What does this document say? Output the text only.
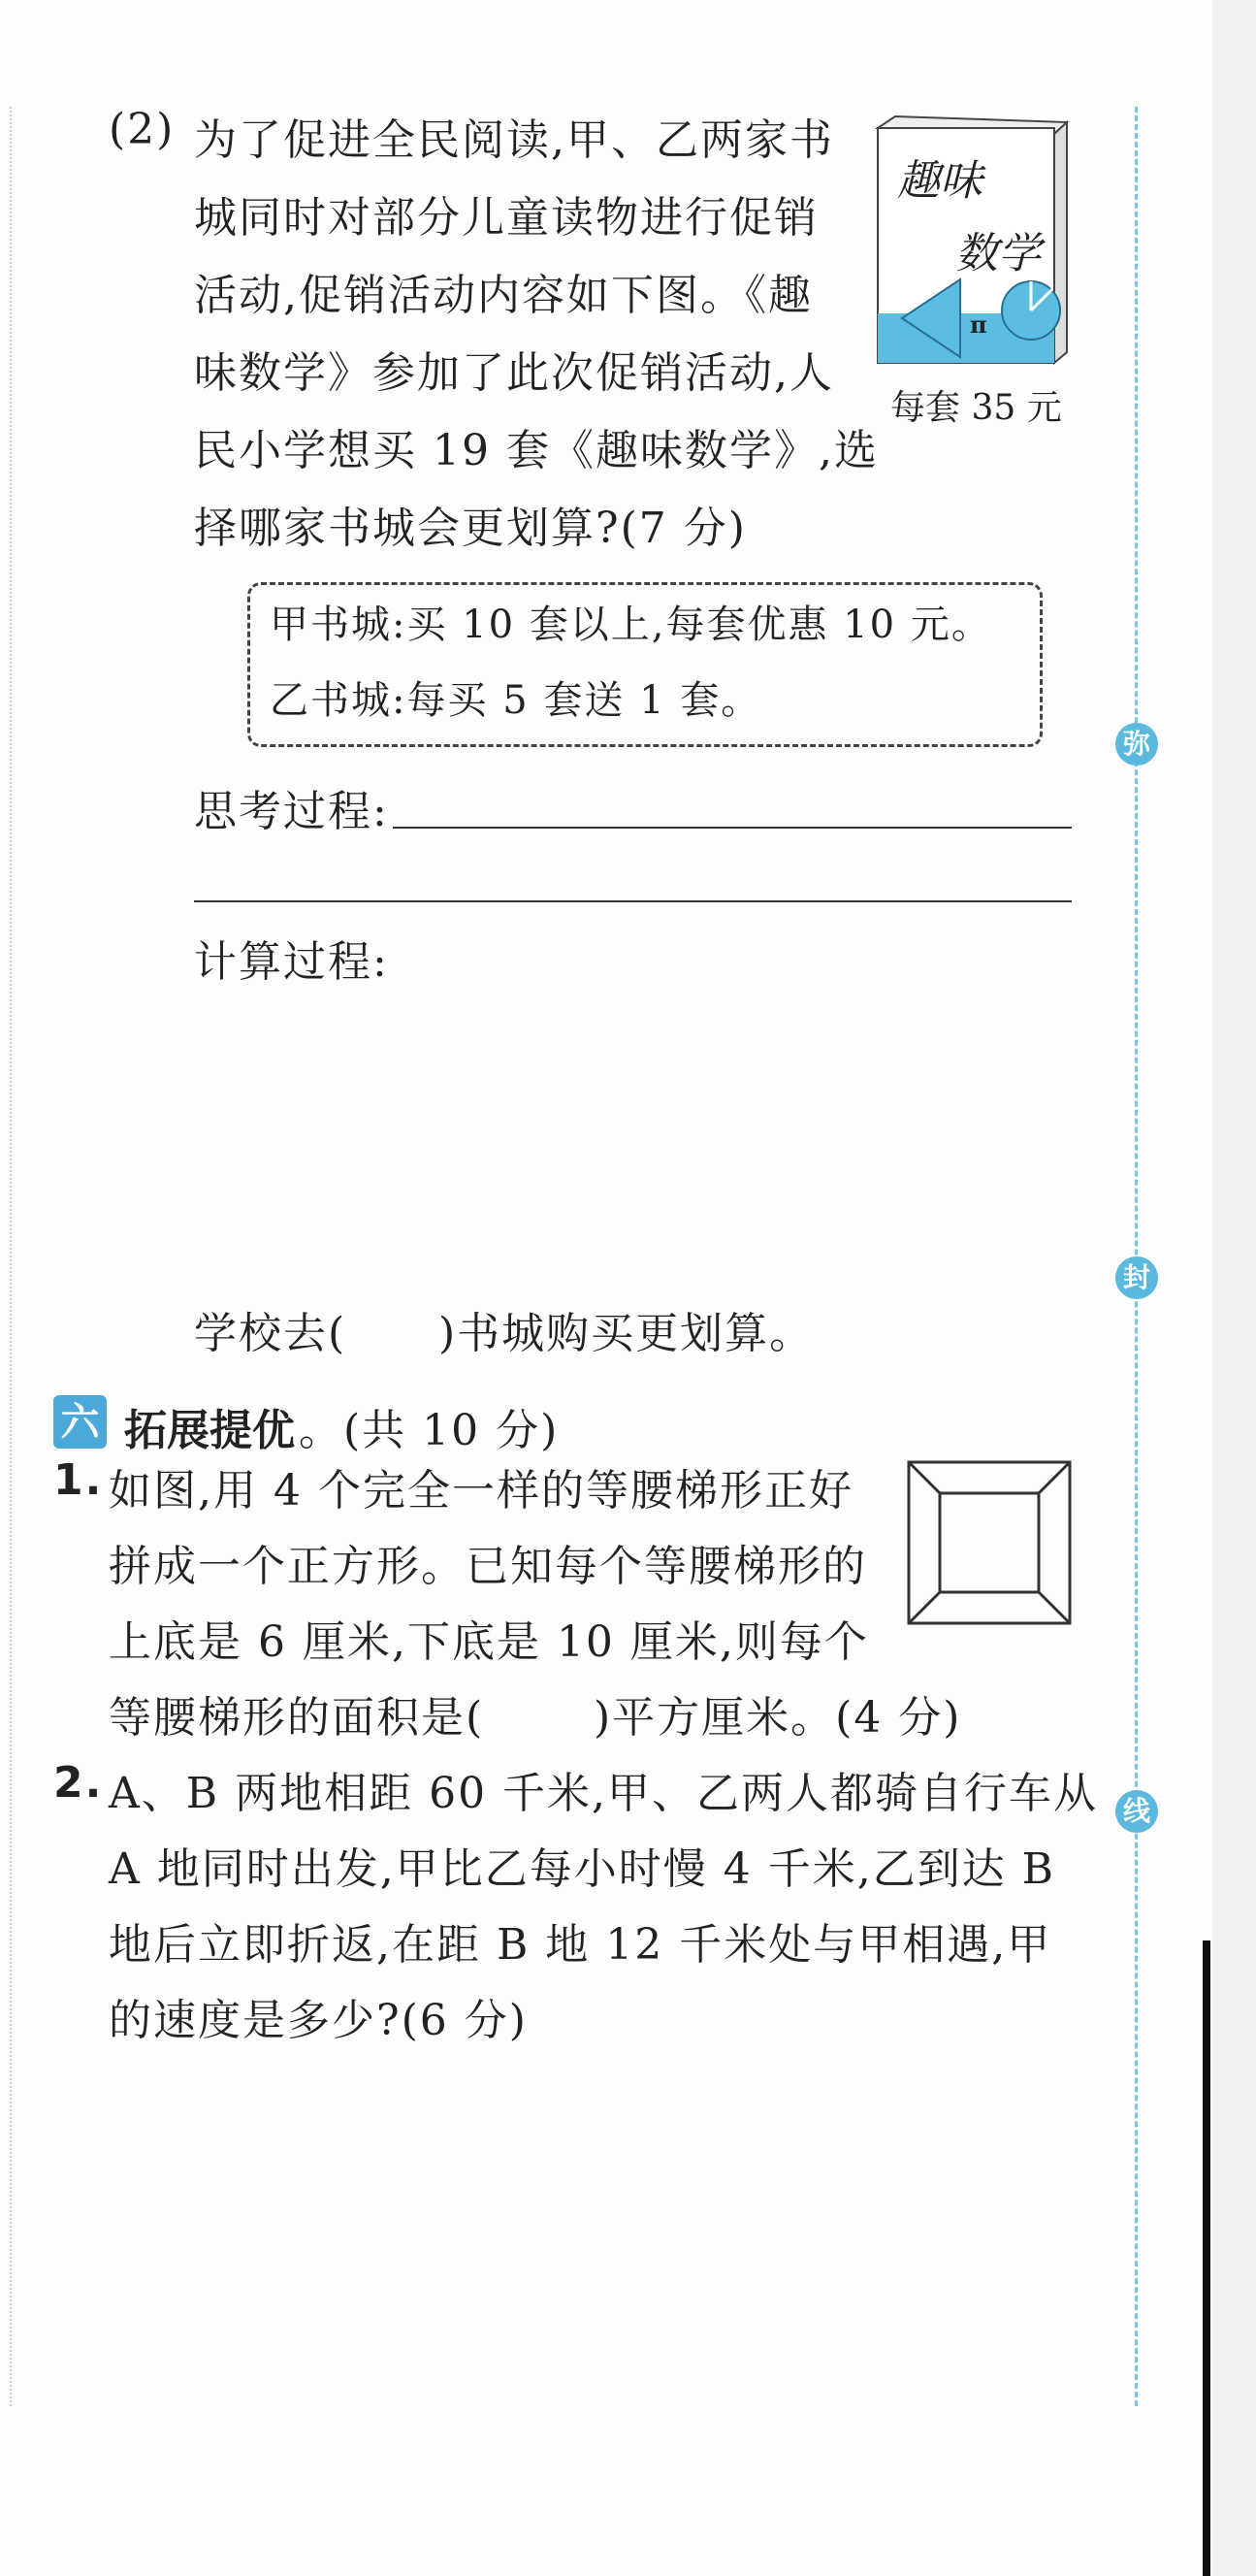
弥
封
线
(2) 为了促进全民阅读,甲、乙两家书
城同时对部分儿童读物进行促销
活动,促销活动内容如下图。《趣
味数学》参加了此次促销活动,人
民小学想买 19 套《趣味数学》,选
择哪家书城会更划算?(7 分)
趣味
数学
π
每套 35 元
甲书城:买 10 套以上,每套优惠 10 元。
乙书城:每买 5 套送 1 套。
思考过程:
计算过程:
学校去( )书城购买更划算。
六 拓展提优 。(共 10 分)
1. 如图,用 4 个完全一样的等腰梯形正好
拼成一个正方形。已知每个等腰梯形的
上底是 6 厘米,下底是 10 厘米,则每个
等腰梯形的面积是(	)平方厘米。(4 分)
2. A、B 两地相距 60 千米,甲、乙两人都骑自行车从
A 地同时出发,甲比乙每小时慢 4 千米,乙到达 B
地后立即折返,在距 B 地 12 千米处与甲相遇,甲
的速度是多少?(6 分)
